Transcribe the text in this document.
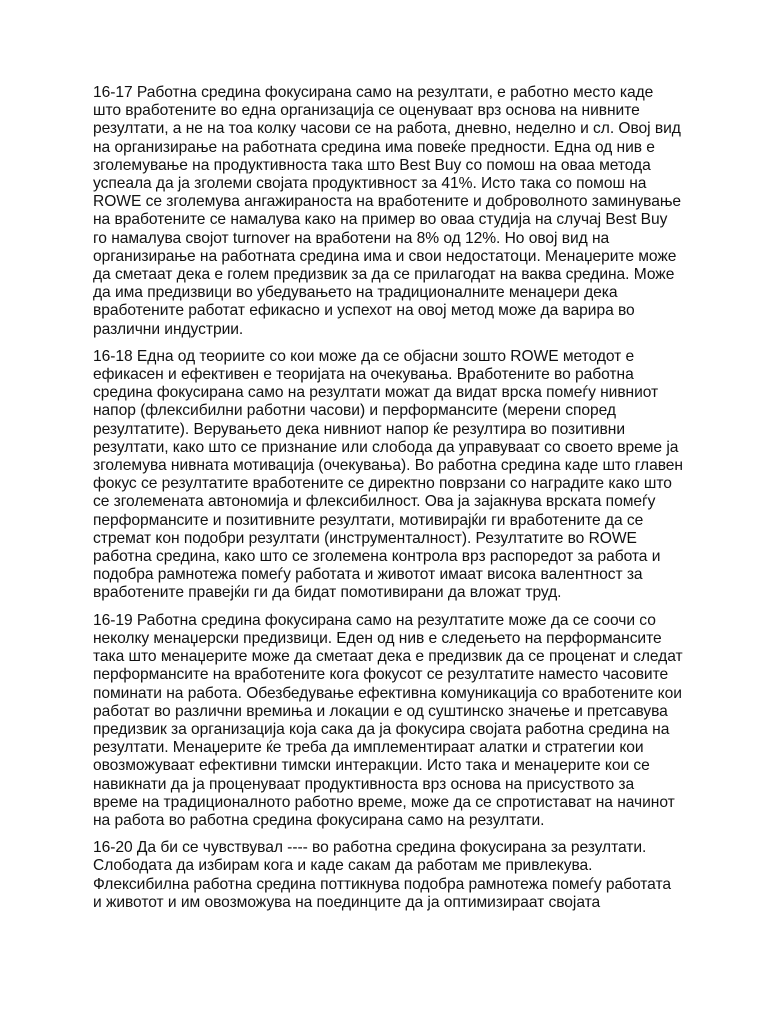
16-17 Работна средина фокусирана само на резултати, е работно место каде што вработените во една организација се оценуваат врз основа на нивните резултати, а не на тоа колку часови се на работа, дневно, неделно и сл. Овој вид на организирање на работната средина има повеќе предности. Една од нив е зголемувањe на продуктивноста така што Best Buy со помош на оваа метода успеала да ја зголеми својата продуктивност за 41%. Исто така со помош на ROWE се зголемува ангажираноста на вработените и доброволното заминување на вработените се намалува како на пример во оваа студија на случај Best Buy го намалува својот turnover на вработени на 8% од 12%. Но овој вид на организирање на работната средина има и свои недостатоци. Менаџерите може да сметаат дека е голем предизвик за да се прилагодат на ваква средина. Може да има предизвици во убедувањето на традиционалните менаџери дека вработените работат ефикасно и успехот на овој метод може да варира во различни индустрии.

16-18 Една од теориите со кои може да се објасни зошто ROWE методот е ефикасен и ефективен е теоријата на очекувања. Вработените во работна средина фокусирана само на резултати можат да видат врска помеѓу нивниот напор (флексибилни работни часови) и перформансите (мерени според резултатите). Верувањето дека нивниот напор ќе резултира во позитивни резултати, како што се признание или слобода да управуваат со своето време ја зголемува нивната мотивација (очекувања). Во работна средина каде што главен фокус се резултатите вработените се директно поврзани со наградите како што се зголемената автономија и флексибилност. Ова ја зајакнува врската помеѓу перформансите и позитивните резултати, мотивирајќи ги вработените да се стремат кон подобри резултати (инструменталност). Резултатите во ROWE работна средина, како што се зголемена контрола врз распоредот за работа и подобра рамнотежа помеѓу работата и животот имаат висока валентност за вработените правејќи ги да бидат помотивирани да вложат труд.

16-19 Работна средина фокусирана само на резултатите може да се соочи со неколку менаџерски предизвици. Еден од нив е следењето на перформансите така што менаџерите може да сметаат дека е предизвик да се проценат и следат перформансите на вработените кога фокусот се резултатите наместо часовите поминати на работа. Обезбедување ефективна комуникација со вработените кои работат во различни времиња и локации е од суштинско значење и претсавува предизвик за организација која сака да ја фокусира својата работна средина на резултати. Менаџерите ќе треба да имплементираат алатки и стратегии кои овозможуваат ефективни тимски интеракции. Исто така и менаџерите кои се навикнати да ја проценуваат продуктивноста врз основа на присуството за време на традиционалното работно време, може да се спротистават на начинот на работа во работна средина фокусирана само на резултати.

16-20 Да би се чувствувал ---- во работна средина фокусирана за резултати. Слободата да избирам кога и каде сакам да работам ме привлекува. Флексибилна работна средина поттикнува подобра рамнотежа помеѓу работата и животот и им овозможува на поединците да ја оптимизираат својата
